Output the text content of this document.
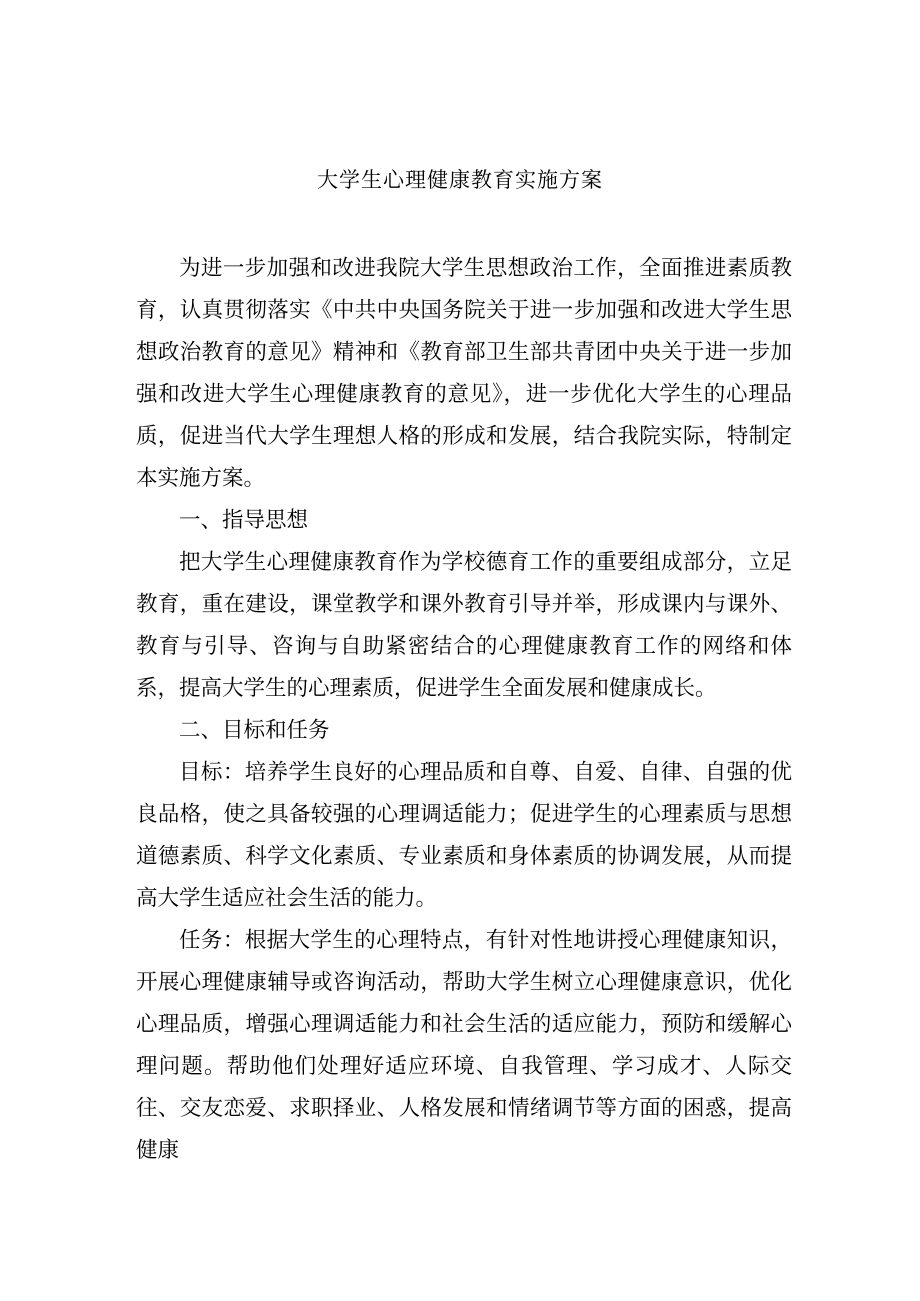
大学生心理健康教育实施方案

为进一步加强和改进我院大学生思想政治工作，全面推进素质教育，认真贯彻落实《中共中央国务院关于进一步加强和改进大学生思想政治教育的意见》精神和《教育部卫生部共青团中央关于进一步加强和改进大学生心理健康教育的意见》，进一步优化大学生的心理品质，促进当代大学生理想人格的形成和发展，结合我院实际，特制定本实施方案。

一、指导思想

把大学生心理健康教育作为学校德育工作的重要组成部分，立足教育，重在建设，课堂教学和课外教育引导并举，形成课内与课外、教育与引导、咨询与自助紧密结合的心理健康教育工作的网络和体系，提高大学生的心理素质，促进学生全面发展和健康成长。

二、目标和任务

目标：培养学生良好的心理品质和自尊、自爱、自律、自强的优良品格，使之具备较强的心理调适能力；促进学生的心理素质与思想道德素质、科学文化素质、专业素质和身体素质的协调发展，从而提高大学生适应社会生活的能力。

任务：根据大学生的心理特点，有针对性地讲授心理健康知识，开展心理健康辅导或咨询活动，帮助大学生树立心理健康意识，优化心理品质，增强心理调适能力和社会生活的适应能力，预防和缓解心理问题。帮助他们处理好适应环境、自我管理、学习成才、人际交往、交友恋爱、求职择业、人格发展和情绪调节等方面的困惑，提高健康
